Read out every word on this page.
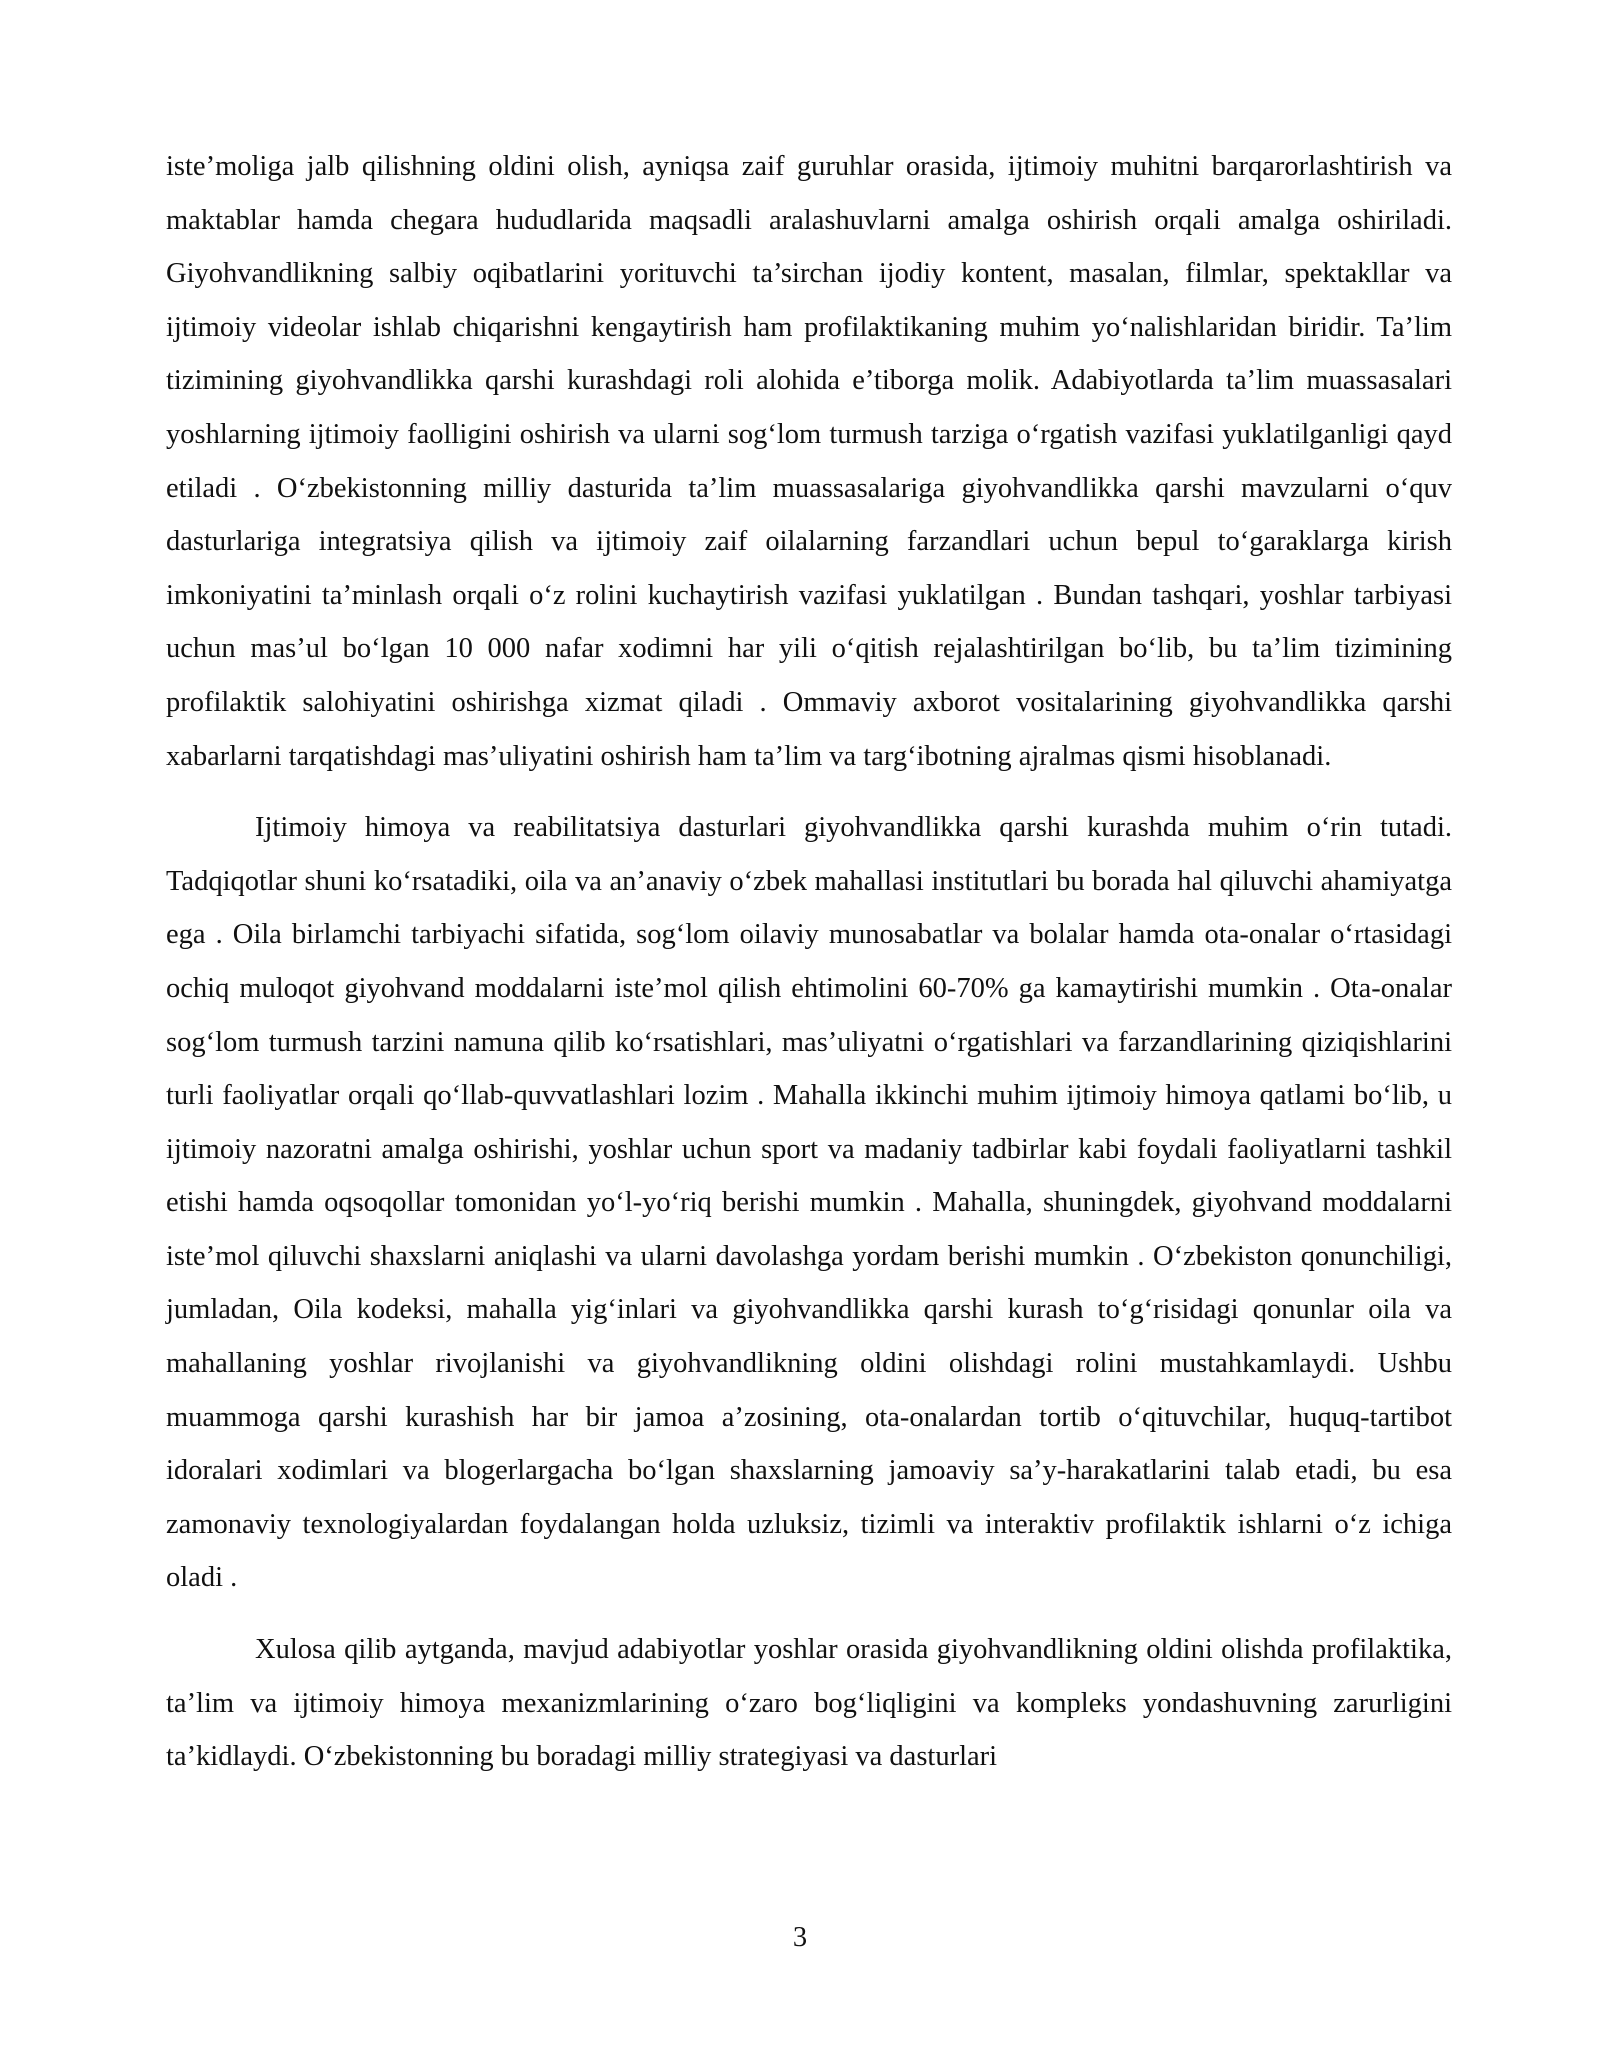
iste’moliga jalb qilishning oldini olish, ayniqsa zaif guruhlar orasida, ijtimoiy muhitni barqarorlashtirish va maktablar hamda chegara hududlarida maqsadli aralashuvlarni amalga oshirish orqali amalga oshiriladi. Giyohvandlikning salbiy oqibatlarini yorituvchi ta’sirchan ijodiy kontent, masalan, filmlar, spektakllar va ijtimoiy videolar ishlab chiqarishni kengaytirish ham profilaktikaning muhim yo‘nalishlaridan biridir. Ta’lim tizimining giyohvandlikka qarshi kurashdagi roli alohida e’tiborga molik. Adabiyotlarda ta’lim muassasalari yoshlarning ijtimoiy faolligini oshirish va ularni sog‘lom turmush tarziga o‘rgatish vazifasi yuklatilganligi qayd etiladi . O‘zbekistonning milliy dasturida ta’lim muassasalariga giyohvandlikka qarshi mavzularni o‘quv dasturlariga integratsiya qilish va ijtimoiy zaif oilalarning farzandlari uchun bepul to‘garaklarga kirish imkoniyatini ta’minlash orqali o‘z rolini kuchaytirish vazifasi yuklatilgan . Bundan tashqari, yoshlar tarbiyasi uchun mas’ul bo‘lgan 10 000 nafar xodimni har yili o‘qitish rejalashtirilgan bo‘lib, bu ta’lim tizimining profilaktik salohiyatini oshirishga xizmat qiladi . Ommaviy axborot vositalarining giyohvandlikka qarshi xabarlarni tarqatishdagi mas’uliyatini oshirish ham ta’lim va targ‘ibotning ajralmas qismi hisoblanadi.

Ijtimoiy himoya va reabilitatsiya dasturlari giyohvandlikka qarshi kurashda muhim o‘rin tutadi. Tadqiqotlar shuni ko‘rsatadiki, oila va an’anaviy o‘zbek mahallasi institutlari bu borada hal qiluvchi ahamiyatga ega . Oila birlamchi tarbiyachi sifatida, sog‘lom oilaviy munosabatlar va bolalar hamda ota-onalar o‘rtasidagi ochiq muloqot giyohvand moddalarni iste’mol qilish ehtimolini 60-70% ga kamaytirishi mumkin . Ota-onalar sog‘lom turmush tarzini namuna qilib ko‘rsatishlari, mas’uliyatni o‘rgatishlari va farzandlarining qiziqishlarini turli faoliyatlar orqali qo‘llab-quvvatlashlari lozim . Mahalla ikkinchi muhim ijtimoiy himoya qatlami bo‘lib, u ijtimoiy nazoratni amalga oshirishi, yoshlar uchun sport va madaniy tadbirlar kabi foydali faoliyatlarni tashkil etishi hamda oqsoqollar tomonidan yo‘l-yo‘riq berishi mumkin . Mahalla, shuningdek, giyohvand moddalarni iste’mol qiluvchi shaxslarni aniqlashi va ularni davolashga yordam berishi mumkin . O‘zbekiston qonunchiligi, jumladan, Oila kodeksi, mahalla yig‘inlari va giyohvandlikka qarshi kurash to‘g‘risidagi qonunlar oila va mahallaning yoshlar rivojlanishi va giyohvandlikning oldini olishdagi rolini mustahkamlaydi. Ushbu muammoga qarshi kurashish har bir jamoa a’zosining, ota-onalardan tortib o‘qituvchilar, huquq-tartibot idoralari xodimlari va blogerlargacha bo‘lgan shaxslarning jamoaviy sa’y-harakatlarini talab etadi, bu esa zamonaviy texnologiyalardan foydalangan holda uzluksiz, tizimli va interaktiv profilaktik ishlarni o‘z ichiga oladi .

Xulosa qilib aytganda, mavjud adabiyotlar yoshlar orasida giyohvandlikning oldini olishda profilaktika, ta’lim va ijtimoiy himoya mexanizmlarining o‘zaro bog‘liqligini va kompleks yondashuvning zarurligini ta’kidlaydi. O‘zbekistonning bu boradagi milliy strategiyasi va dasturlari

3
